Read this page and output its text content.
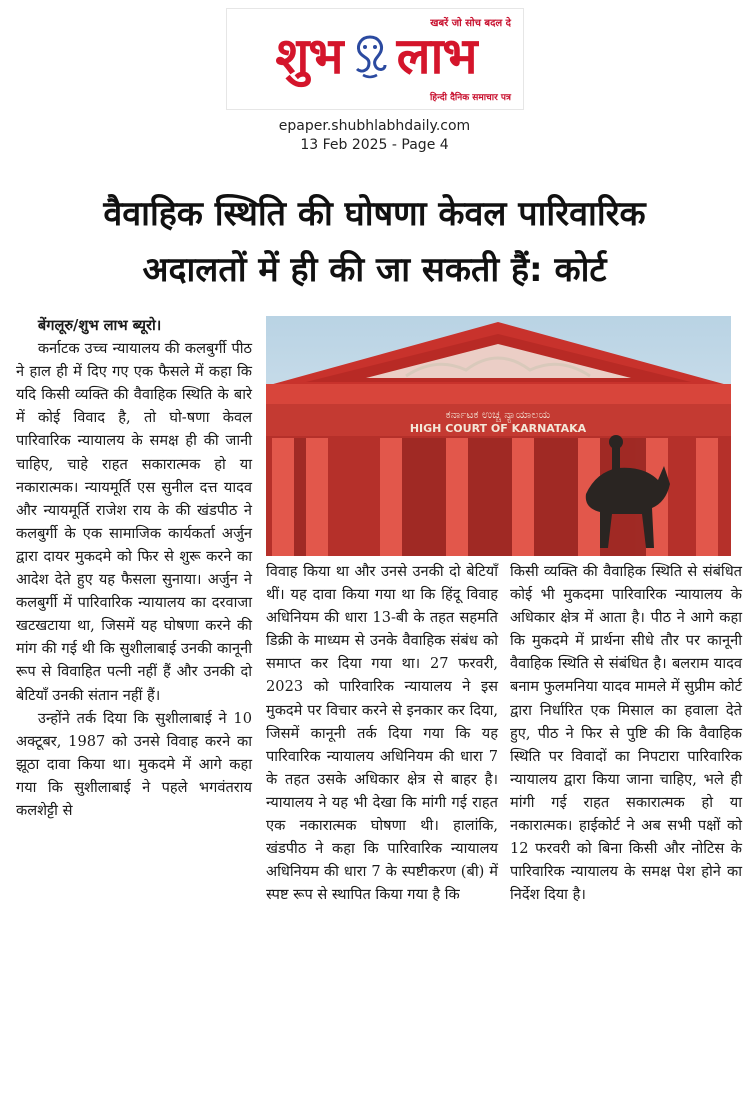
खबरें जो सोच बदल दे
शुभ लाभ
हिन्दी दैनिक समाचार पत्र
epaper.shubhlabhdaily.com
13 Feb 2025 - Page 4
वैवाहिक स्थिति की घोषणा केवल पारिवारिक
अदालतों में ही की जा सकती हैं: कोर्ट

बेंगलूरु/शुभ लाभ ब्यूरो।

कर्नाटक उच्च न्यायालय की कलबुर्गी पीठ ने हाल ही में दिए गए एक फैसले में कहा कि यदि किसी व्यक्ति की वैवाहिक स्थिति के बारे में कोई विवाद है, तो घो-षणा केवल पारिवारिक न्यायालय के समक्ष ही की जानी चाहिए, चाहे राहत सकारात्मक हो या नकारात्मक। न्यायमूर्ति एस सुनील दत्त यादव और न्यायमूर्ति राजेश राय के की खंडपीठ ने कलबुर्गी के एक सामाजिक कार्यकर्ता अर्जुन द्वारा दायर मुकदमे को फिर से शुरू करने का आदेश देते हुए यह फैसला सुनाया। अर्जुन ने कलबुर्गी में पारिवारिक न्यायालय का दरवाजा खटखटाया था, जिसमें यह घोषणा करने की मांग की गई थी कि सुशीलाबाई उनकी कानूनी रूप से विवाहित पत्नी नहीं हैं और उनकी दो बेटियाँ उनकी संतान नहीं हैं।

उन्होंने तर्क दिया कि सुशीलाबाई ने 10 अक्टूबर, 1987 को उनसे विवाह करने का झूठा दावा किया था। मुकदमे में आगे कहा गया कि सुशीलाबाई ने पहले भगवंतराय कलशेट्टी से

ಕರ್ನಾಟಕ ಉಚ್ಚ ನ್ಯಾಯಾಲಯ
HIGH COURT OF KARNATAKA

विवाह किया था और उनसे उनकी दो बेटियाँ थीं। यह दावा किया गया था कि हिंदू विवाह अधिनियम की धारा 13-बी के तहत सहमति डिक्री के माध्यम से उनके वैवाहिक संबंध को समाप्त कर दिया गया था। 27 फरवरी, 2023 को पारिवारिक न्यायालय ने इस मुकदमे पर विचार करने से इनकार कर दिया, जिसमें कानूनी तर्क दिया गया कि यह पारिवारिक न्यायालय अधिनियम की धारा 7 के तहत उसके अधिकार क्षेत्र से बाहर है। न्यायालय ने यह भी देखा कि मांगी गई राहत एक नकारात्मक घोषणा थी। हालांकि, खंडपीठ ने कहा कि पारिवारिक न्यायालय अधिनियम की धारा 7 के स्पष्टीकरण (बी) में स्पष्ट रूप से स्थापित किया गया है कि

किसी व्यक्ति की वैवाहिक स्थिति से संबंधित कोई भी मुकदमा पारिवारिक न्यायालय के अधिकार क्षेत्र में आता है। पीठ ने आगे कहा कि मुकदमे में प्रार्थना सीधे तौर पर कानूनी वैवाहिक स्थिति से संबंधित है। बलराम यादव बनाम फुलमनिया यादव मामले में सुप्रीम कोर्ट द्वारा निर्धारित एक मिसाल का हवाला देते हुए, पीठ ने फिर से पुष्टि की कि वैवाहिक स्थिति पर विवादों का निपटारा पारिवारिक न्यायालय द्वारा किया जाना चाहिए, भले ही मांगी गई राहत सकारात्मक हो या नकारात्मक। हाईकोर्ट ने अब सभी पक्षों को 12 फरवरी को बिना किसी और नोटिस के पारिवारिक न्यायालय के समक्ष पेश होने का निर्देश दिया है।
